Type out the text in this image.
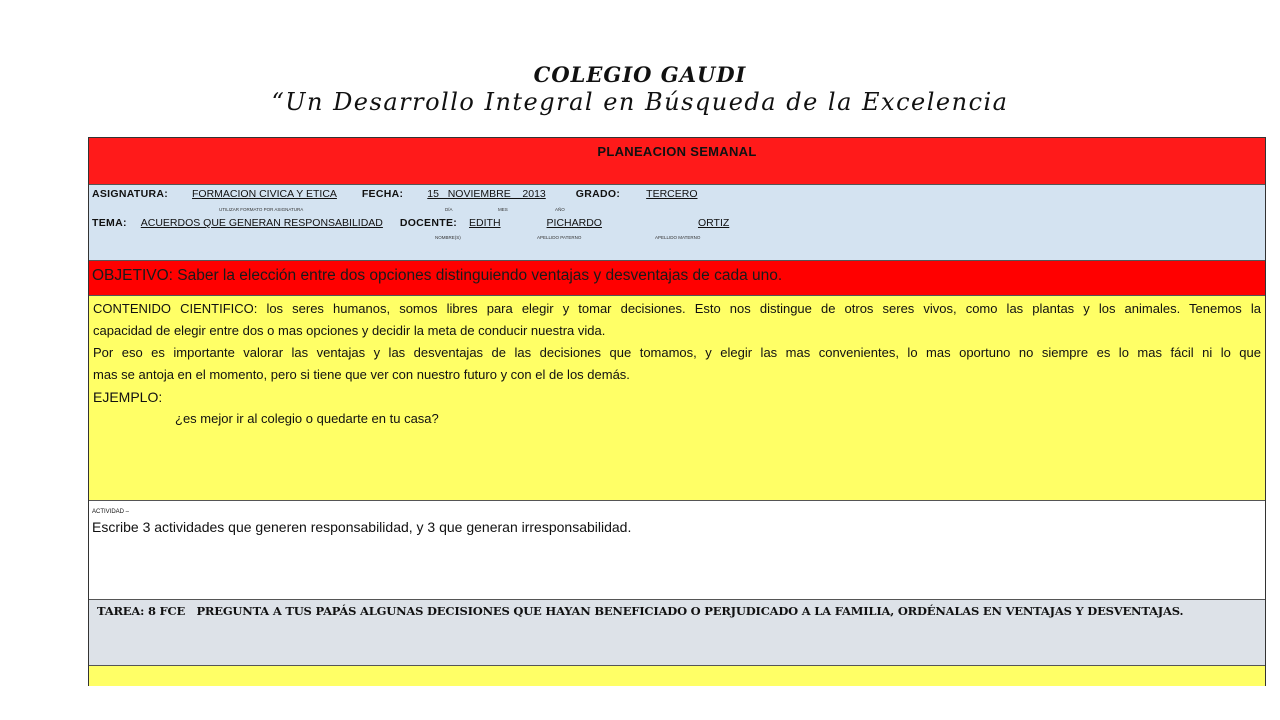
COLEGIO GAUDI
“Un Desarrollo Integral en Búsqueda de la Excelencia
PLANEACION SEMANAL
ASIGNATURA: FORMACION CIVICA Y ETICA FECHA: 15   NOVIEMBRE    2013	GRADO: TERCERO
UTILIZAR FORMATO POR ASIGNATURA	DÍA	MES	AÑO
TEMA: ACUERDOS QUE GENERAN RESPONSABILIDAD DOCENTE: EDITH	PICHARDO	ORTIZ
NOMBRE(S)	APELLIDO PATERNO	APELLIDO MATERNO
OBJETIVO: Saber la elección entre dos opciones distinguiendo ventajas y desventajas de cada uno.
CONTENIDO CIENTIFICO: los seres humanos, somos libres para elegir y tomar decisiones. Esto nos distingue de otros seres vivos, como las plantas y los animales. Tenemos la
capacidad de elegir entre dos o mas opciones y decidir la meta de conducir nuestra vida.
Por eso es importante valorar las ventajas y las desventajas de las decisiones que tomamos, y elegir las mas convenientes, lo mas oportuno no siempre es lo mas fácil ni lo que
mas se antoja en el momento, pero si tiene que ver con nuestro futuro y con el de los demás.
EJEMPLO:
¿es mejor ir al colegio o quedarte en tu casa?
ACTIVIDAD –
Escribe 3 actividades que generen responsabilidad, y 3 que generan irresponsabilidad.
TAREA: 8 FCE   PREGUNTA A TUS PAPÁS ALGUNAS DECISIONES QUE HAYAN BENEFICIADO O PERJUDICADO A LA FAMILIA, ORDÉNALAS EN VENTAJAS Y DESVENTAJAS.
